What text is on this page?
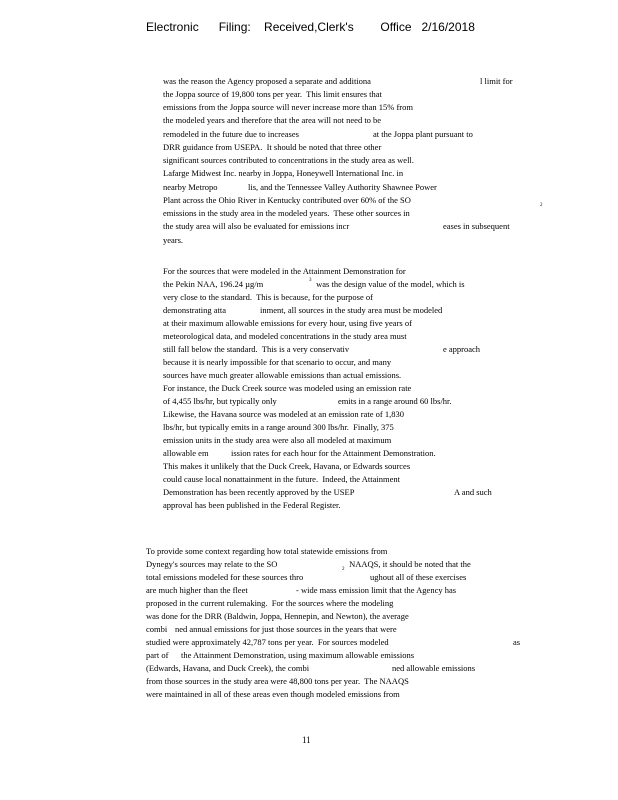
Electronic      Filing:    Received,Clerk's        Office   2/16/2018
was the reason the Agency proposed a separate and additiona	l limit for
the Joppa source of 19,800 tons per year.  This limit ensures that
emissions from the Joppa source will never increase more than 15% from
the modeled years and therefore that the area will not need to be
remodeled in the future due to increases	at the Joppa plant pursuant to
DRR guidance from USEPA.  It should be noted that three other
significant sources contributed to concentrations in the study area as well.
Lafarge Midwest Inc. nearby in Joppa, Honeywell International Inc. in
nearby Metropo	lis, and the Tennessee Valley Authority Shawnee Power
Plant across the Ohio River in Kentucky contributed over 60% of the SO
2
emissions in the study area in the modeled years.  These other sources in
the study area will also be evaluated for emissions incr	eases in subsequent
years.
For the sources that were modeled in the Attainment Demonstration for
the Pekin NAA, 196.24 µg/m	3 was the design value of the model, which is
very close to the standard.  This is because, for the purpose of
demonstrating atta	inment, all sources in the study area must be modeled
at their maximum allowable emissions for every hour, using five years of
meteorological data, and modeled concentrations in the study area must
still fall below the standard.  This is a very conservativ	e approach
because it is nearly impossible for that scenario to occur, and many
sources have much greater allowable emissions than actual emissions.
For instance, the Duck Creek source was modeled using an emission rate
of 4,455 lbs/hr, but typically only	emits in a range around 60 lbs/hr.
Likewise, the Havana source was modeled at an emission rate of 1,830
lbs/hr, but typically emits in a range around 300 lbs/hr.  Finally, 375
emission units in the study area were also all modeled at maximum
allowable em	ission rates for each hour for the Attainment Demonstration.
This makes it unlikely that the Duck Creek, Havana, or Edwards sources
could cause local nonattainment in the future.  Indeed, the Attainment
Demonstration has been recently approved by the USEP	A and such
approval has been published in the Federal Register.
To provide some context regarding how total statewide emissions from
Dynegy's sources may relate to the SO
2
NAAQS, it should be noted that the
total emissions modeled for these sources thro	ughout all of these exercises
are much higher than the fleet	- wide mass emission limit that the Agency has
proposed in the current rulemaking.  For the sources where the modeling
was done for the DRR (Baldwin, Joppa, Hennepin, and Newton), the average
combi ned annual emissions for just those sources in the years that were
studied were approximately 42,787 tons per year.  For sources modeled	as
part of the Attainment Demonstration, using maximum allowable emissions
(Edwards, Havana, and Duck Creek), the combi	ned allowable emissions
from those sources in the study area were 48,800 tons per year.  The NAAQS
were maintained in all of these areas even though modeled emissions from
11
